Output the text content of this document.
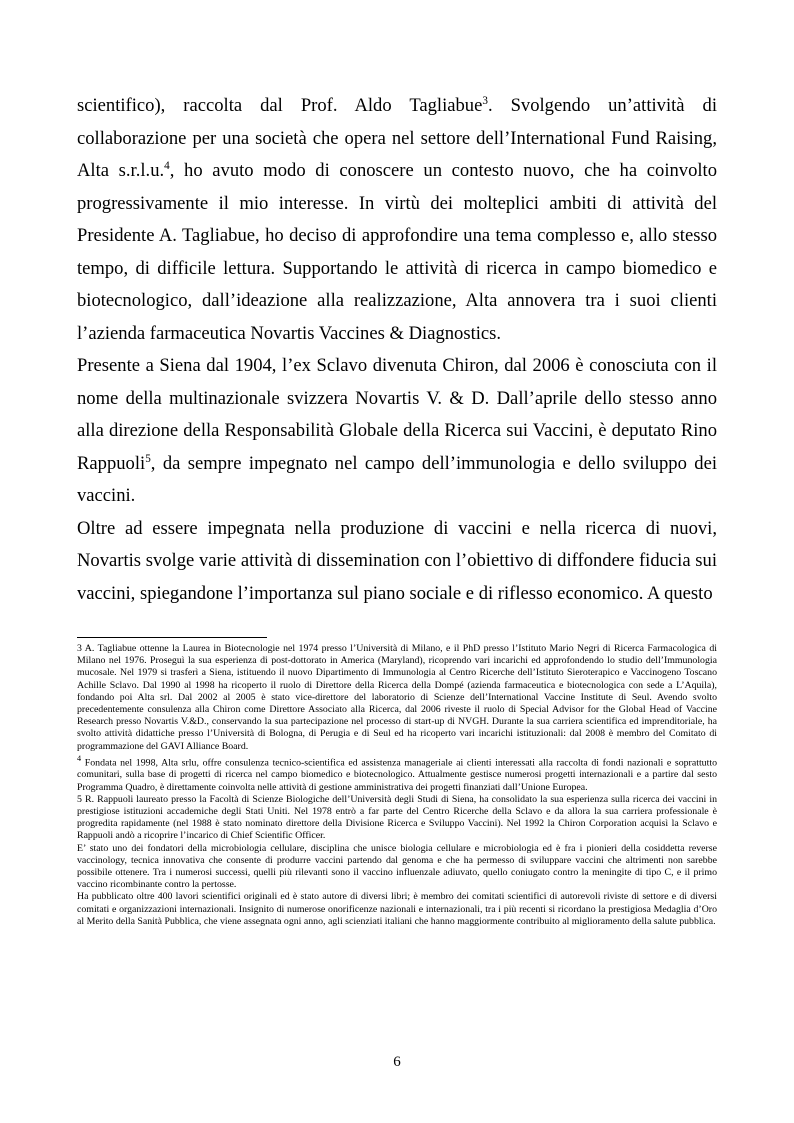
scientifico), raccolta dal Prof. Aldo Tagliabue$^3$. Svolgendo un’attività di collaborazione per una società che opera nel settore dell’International Fund Raising, Alta s.r.l.u.$^4$, ho avuto modo di conoscere un contesto nuovo, che ha coinvolto progressivamente il mio interesse. In virtù dei molteplici ambiti di attività del Presidente A. Tagliabue, ho deciso di approfondire una tema complesso e, allo stesso tempo, di difficile lettura. Supportando le attività di ricerca in campo biomedico e biotecnologico, dall’ideazione alla realizzazione, Alta annovera tra i suoi clienti l’azienda farmaceutica Novartis Vaccines & Diagnostics.

Presente a Siena dal 1904, l’ex Sclavo divenuta Chiron, dal 2006 è conosciuta con il nome della multinazionale svizzera Novartis V. & D. Dall’aprile dello stesso anno alla direzione della Responsabilità Globale della Ricerca sui Vaccini, è deputato Rino Rappuoli$^5$, da sempre impegnato nel campo dell’immunologia e dello sviluppo dei vaccini.

Oltre ad essere impegnata nella produzione di vaccini e nella ricerca di nuovi, Novartis svolge varie attività di dissemination con l’obiettivo di diffondere fiducia sui vaccini, spiegandone l’importanza sul piano sociale e di riflesso economico. A questo

3 A. Tagliabue ottenne la Laurea in Biotecnologie nel 1974 presso l’Università di Milano, e il PhD presso l’Istituto Mario Negri di Ricerca Farmacologica di Milano nel 1976. Proseguì la sua esperienza di post-dottorato in America (Maryland), ricoprendo vari incarichi ed approfondendo lo studio dell’Immunologia mucosale. Nel 1979 si trasferì a Siena, istituendo il nuovo Dipartimento di Immunologia al Centro Ricerche dell’Istituto Sieroterapico e Vaccinogeno Toscano Achille Sclavo. Dal 1990 al 1998 ha ricoperto il ruolo di Direttore della Ricerca della Dompé (azienda farmaceutica e biotecnologica con sede a L’Aquila), fondando poi Alta srl. Dal 2002 al 2005 è stato vice-direttore del laboratorio di Scienze dell’International Vaccine Institute di Seul. Avendo svolto precedentemente consulenza alla Chiron come Direttore Associato alla Ricerca, dal 2006 riveste il ruolo di Special Advisor for the Global Head of Vaccine Research presso Novartis V.&D., conservando la sua partecipazione nel processo di start-up di NVGH. Durante la sua carriera scientifica ed imprenditoriale, ha svolto attività didattiche presso l’Università di Bologna, di Perugia e di Seul ed ha ricoperto vari incarichi istituzionali: dal 2008 è membro del Comitato di programmazione del GAVI Alliance Board.

$^4$ Fondata nel 1998, Alta srlu, offre consulenza tecnico-scientifica ed assistenza manageriale ai clienti interessati alla raccolta di fondi nazionali e soprattutto comunitari, sulla base di progetti di ricerca nel campo biomedico e biotecnologico. Attualmente gestisce numerosi progetti internazionali e a partire dal sesto Programma Quadro, è direttamente coinvolta nelle attività di gestione amministrativa dei progetti finanziati dall’Unione Europea.

5 R. Rappuoli laureato presso la Facoltà di Scienze Biologiche dell’Università degli Studi di Siena, ha consolidato la sua esperienza sulla ricerca dei vaccini in prestigiose istituzioni accademiche degli Stati Uniti. Nel 1978 entrò a far parte del Centro Ricerche della Sclavo e da allora la sua carriera professionale è progredita rapidamente (nel 1988 è stato nominato direttore della Divisione Ricerca e Sviluppo Vaccini). Nel 1992 la Chiron Corporation acquisì la Sclavo e Rappuoli andò a ricoprire l’incarico di Chief Scientific Officer.

E’ stato uno dei fondatori della microbiologia cellulare, disciplina che unisce biologia cellulare e microbiologia ed è fra i pionieri della cosiddetta reverse vaccinology, tecnica innovativa che consente di produrre vaccini partendo dal genoma e che ha permesso di sviluppare vaccini che altrimenti non sarebbe possibile ottenere. Tra i numerosi successi, quelli più rilevanti sono il vaccino influenzale adiuvato, quello coniugato contro la meningite di tipo C, e il primo vaccino ricombinante contro la pertosse.

Ha pubblicato oltre 400 lavori scientifici originali ed è stato autore di diversi libri; è membro dei comitati scientifici di autorevoli riviste di settore e di diversi comitati e organizzazioni internazionali. Insignito di numerose onorificenze nazionali e internazionali, tra i più recenti si ricordano la prestigiosa Medaglia d’Oro al Merito della Sanità Pubblica, che viene assegnata ogni anno, agli scienziati italiani che hanno maggiormente contribuito al miglioramento della salute pubblica.

6
